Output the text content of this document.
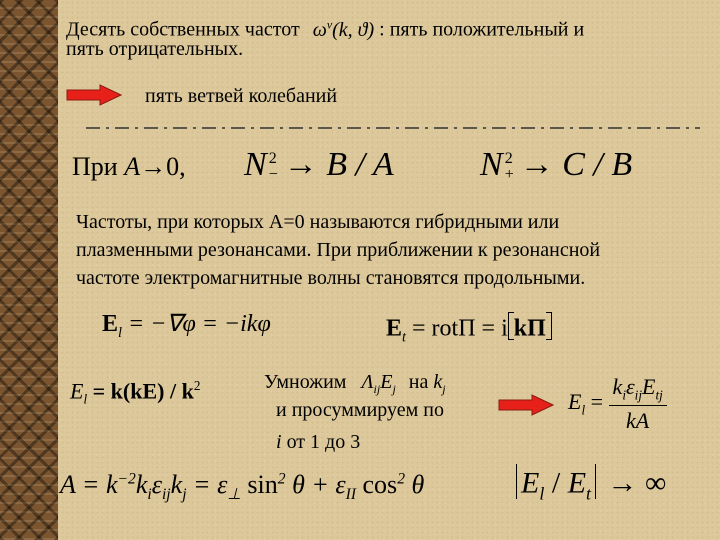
Десять собственных частот $\omega^\nu(k$, ϑ) : пять положительный и
пять отрицательных.
пять ветвей колебаний
При A→0, N 2
− → B / A	N 2
+ → C / B
Частоты, при которых A=0 называются гибридными или
плазменными резонансами. При приближении к резонансной
частоте электромагнитные волны становятся продольными.
$E_l = -\nabla\varphi = -ik\varphi$	$E_t = rot\Pi = i$ kΠ
$E_l = k(kE) / k^2$	Умножим $\Lambda_{ij}E_j$ на $k_j$
и просуммируем по
i от 1 до 3
$E_l = \frac{k_i\varepsilon_{ij}E_{tj}}{kA}$
$A = k^{-2}k_i\varepsilon_{ij}k_j = \varepsilon_\perp$ $\sin^2 \theta + \varepsilon_{II}$ $\cos^2 \theta$	$E_l / E_t$ → ∞
